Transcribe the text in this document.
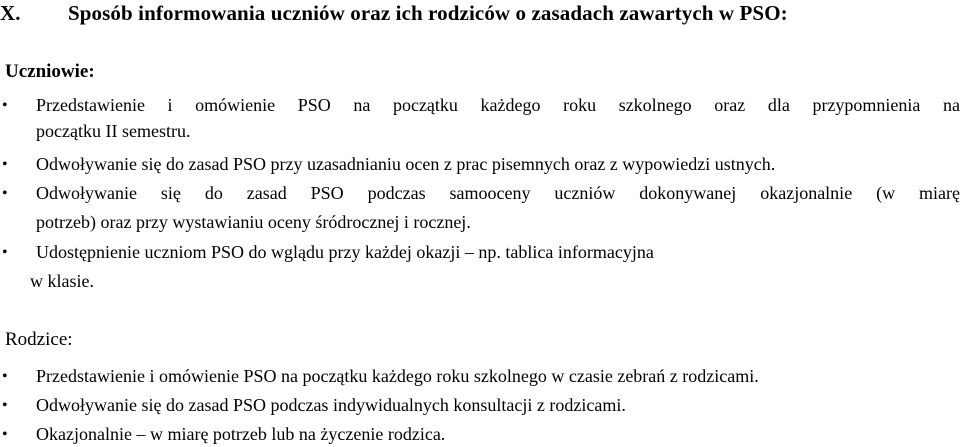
X. Sposób informowania uczniów oraz ich rodziców o zasadach zawartych w PSO:
Uczniowie:
• Przedstawienie i omówienie PSO na początku każdego roku szkolnego oraz dla przypomnienia na
początku II semestru.
• Odwoływanie się do zasad PSO przy uzasadnianiu ocen z prac pisemnych oraz z wypowiedzi ustnych.
• Odwoływanie się do zasad PSO podczas samooceny uczniów dokonywanej okazjonalnie (w miarę
potrzeb) oraz przy wystawianiu oceny śródrocznej i rocznej.
• Udostępnienie uczniom PSO do wglądu przy każdej okazji – np. tablica informacyjna
w klasie.
Rodzice:
• Przedstawienie i omówienie PSO na początku każdego roku szkolnego w czasie zebrań z rodzicami.
• Odwoływanie się do zasad PSO podczas indywidualnych konsultacji z rodzicami.
• Okazjonalnie – w miarę potrzeb lub na życzenie rodzica.
